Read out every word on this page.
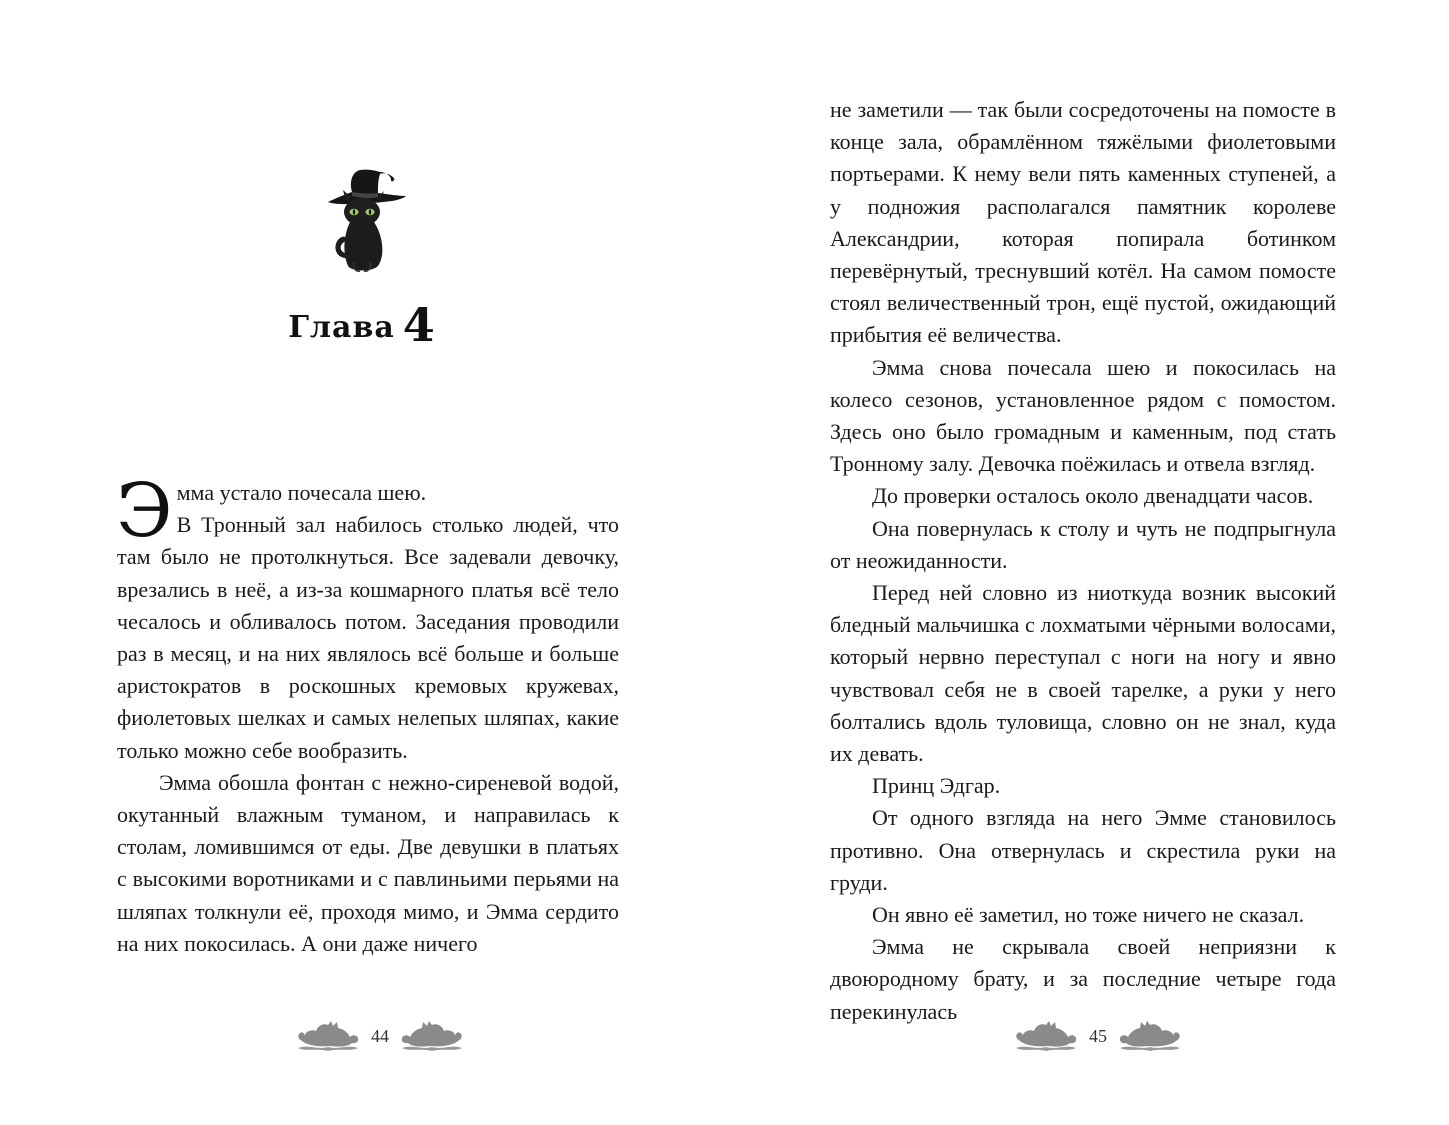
Глава 4
Э мма устало почесала шею.

В Тронный зал набилось столько людей, что там было не протолкнуться. Все задевали девочку, врезались в неё, а из-за кошмарного платья всё тело чесалось и обливалось потом. Заседания проводили раз в месяц, и на них являлось всё больше и больше аристократов в роскошных кремовых кружевах, фиолетовых шелках и самых нелепых шляпах, какие только можно себе вообразить.

Эмма обошла фонтан с нежно-сиреневой водой, окутанный влажным туманом, и направилась к столам, ломившимся от еды. Две девушки в платьях с высокими воротниками и с павлиньими перьями на шляпах толкнули её, проходя мимо, и Эмма сердито на них покосилась. А они даже ничего

44

не заметили — так были сосредоточены на помосте в конце зала, обрамлённом тяжёлыми фиолетовыми портьерами. К нему вели пять каменных ступеней, а у подножия располагался памятник королеве Александрии, которая попирала ботинком перевёрнутый, треснувший котёл. На самом помосте стоял величественный трон, ещё пустой, ожидающий прибытия её величества.

Эмма снова почесала шею и покосилась на колесо сезонов, установленное рядом с помостом. Здесь оно было громадным и каменным, под стать Тронному залу. Девочка поёжилась и отвела взгляд.

До проверки осталось около двенадцати часов.

Она повернулась к столу и чуть не подпрыгнула от неожиданности.

Перед ней словно из ниоткуда возник высокий бледный мальчишка с лохматыми чёрными волосами, который нервно переступал с ноги на ногу и явно чувствовал себя не в своей тарелке, а руки у него болтались вдоль туловища, словно он не знал, куда их девать.

Принц Эдгар.

От одного взгляда на него Эмме становилось противно. Она отвернулась и скрестила руки на груди.

Он явно её заметил, но тоже ничего не сказал.

Эмма не скрывала своей неприязни к двоюродному брату, и за последние четыре года перекинулась

45
